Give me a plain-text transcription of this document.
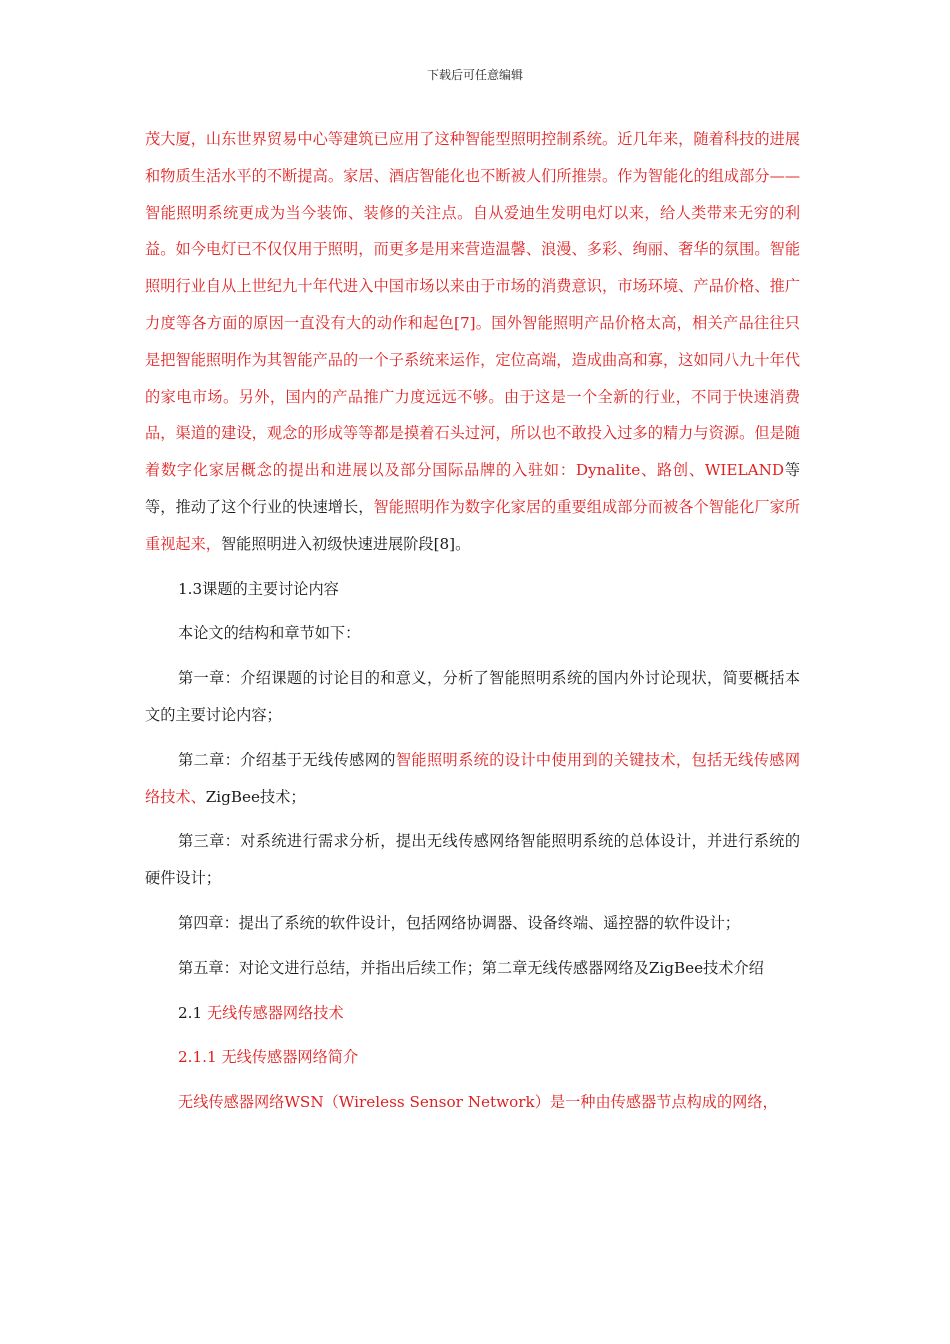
下载后可任意编辑

茂大厦，山东世界贸易中心等建筑已应用了这种智能型照明控制系统。近几年来，随着科技的进展和物质生活水平的不断提高。家居、酒店智能化也不断被人们所推崇。作为智能化的组成部分——智能照明系统更成为当今装饰、装修的关注点。自从爱迪生发明电灯以来，给人类带来无穷的利益。如今电灯已不仅仅用于照明，而更多是用来营造温馨、浪漫、多彩、绚丽、奢华的氛围。智能照明行业自从上世纪九十年代进入中国市场以来由于市场的消费意识，市场环境、产品价格、推广力度等各方面的原因一直没有大的动作和起色[7]。国外智能照明产品价格太高，相关产品往往只是把智能照明作为其智能产品的一个子系统来运作，定位高端，造成曲高和寡，这如同八九十年代的家电市场。另外，国内的产品推广力度远远不够。由于这是一个全新的行业，不同于快速消费品，渠道的建设，观念的形成等等都是摸着石头过河，所以也不敢投入过多的精力与资源。但是随着数字化家居概念的提出和进展以及部分国际品牌的入驻如：Dynalite、路创、WIELAND等等，推动了这个行业的快速增长，智能照明作为数字化家居的重要组成部分而被各个智能化厂家所重视起来，智能照明进入初级快速进展阶段[8]。

1.3课题的主要讨论内容

本论文的结构和章节如下：

第一章：介绍课题的讨论目的和意义，分析了智能照明系统的国内外讨论现状，简要概括本文的主要讨论内容；

第二章：介绍基于无线传感网的智能照明系统的设计中使用到的关键技术，包括无线传感网络技术、ZigBee技术；

第三章：对系统进行需求分析，提出无线传感网络智能照明系统的总体设计，并进行系统的硬件设计；

第四章：提出了系统的软件设计，包括网络协调器、设备终端、遥控器的软件设计；

第五章：对论文进行总结，并指出后续工作；第二章无线传感器网络及ZigBee技术介绍

2.1 无线传感器网络技术

2.1.1 无线传感器网络简介

无线传感器网络WSN（Wireless Sensor Network）是一种由传感器节点构成的网络，
